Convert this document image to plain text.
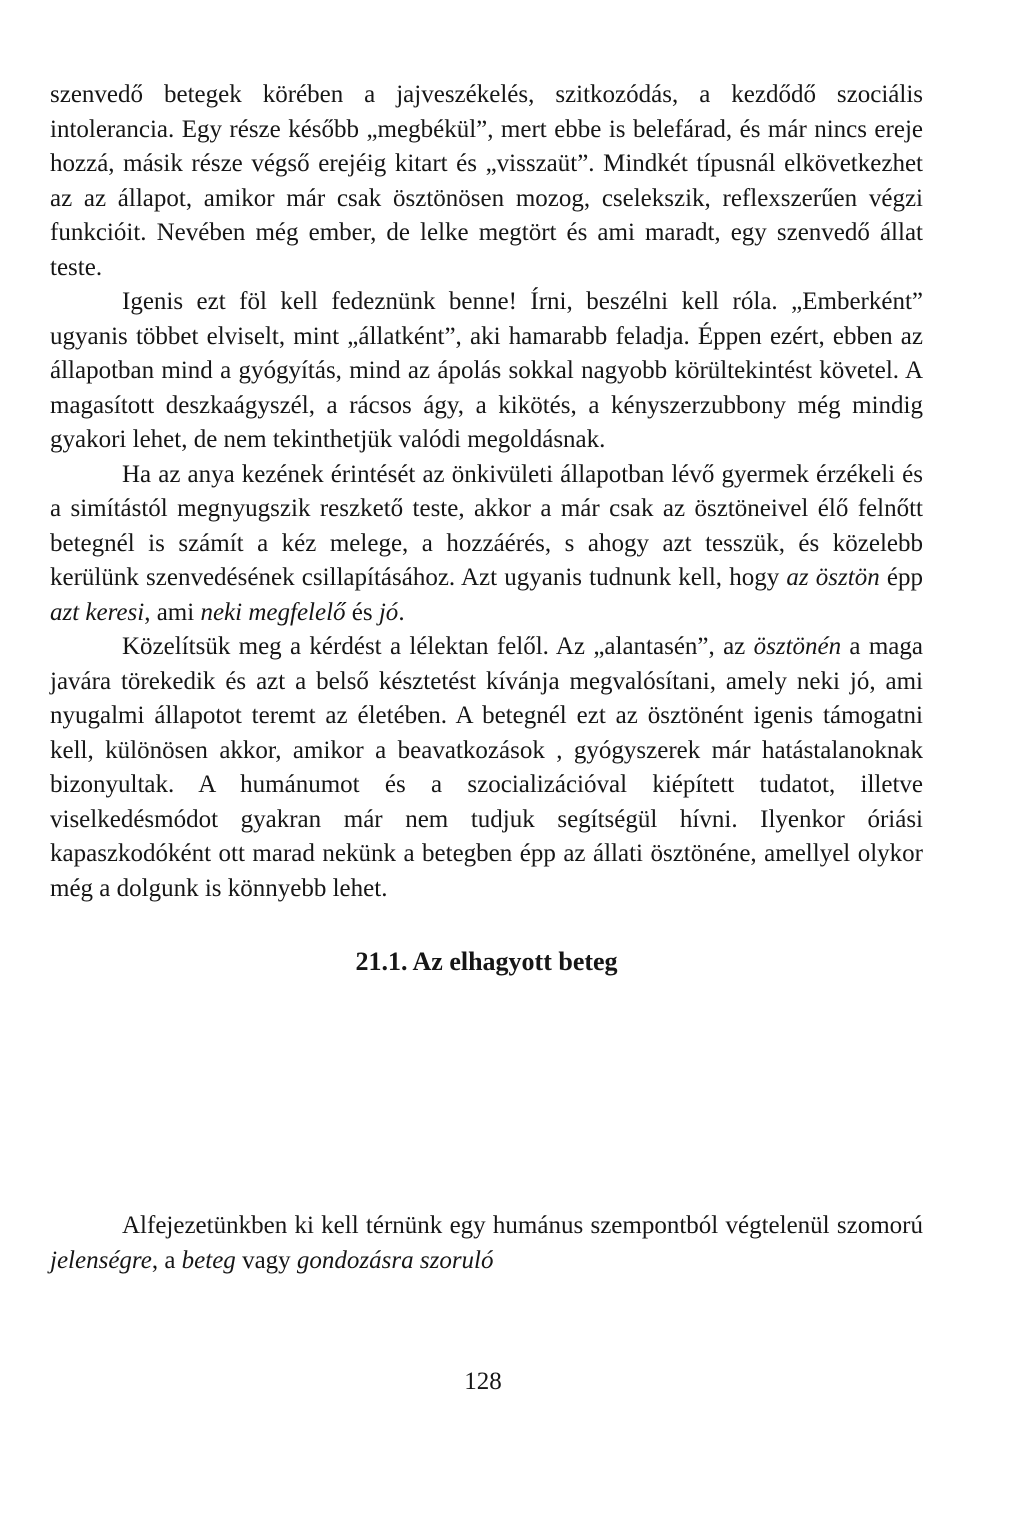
szenvedő betegek körében a jajveszékelés, szitkozódás, a kezdődő szociális intolerancia. Egy része később „megbékül”, mert ebbe is belefárad, és már nincs ereje hozzá, másik része végső erejéig kitart és „visszaüt”. Mindkét típusnál elkövetkezhet az az állapot, amikor már csak ösztönösen mozog, cselekszik, reflexszerűen végzi funkcióit. Nevében még ember, de lelke megtört és ami maradt, egy szenvedő állat teste.

Igenis ezt föl kell fedeznünk benne! Írni, beszélni kell róla. „Emberként” ugyanis többet elviselt, mint „állatként”, aki hamarabb feladja. Éppen ezért, ebben az állapotban mind a gyógyítás, mind az ápolás sokkal nagyobb körültekintést követel. A magasított deszkaágyszél, a rácsos ágy, a kikötés, a kényszerzubbony még mindig gyakori lehet, de nem tekinthetjük valódi megoldásnak.

Ha az anya kezének érintését az önkivületi állapotban lévő gyermek érzékeli és a simítástól megnyugszik reszkető teste, akkor a már csak az ösztöneivel élő felnőtt betegnél is számít a kéz melege, a hozzáérés, s ahogy azt tesszük, és közelebb kerülünk szenvedésének csillapításához. Azt ugyanis tudnunk kell, hogy az ösztön épp azt keresi, ami neki megfelelő és jó.

Közelítsük meg a kérdést a lélektan felől. Az „alantasén”, az ösztönén a maga javára törekedik és azt a belső késztetést kívánja megvalósítani, amely neki jó, ami nyugalmi állapotot teremt az életében. A betegnél ezt az ösztönént igenis támogatni kell, különösen akkor, amikor a beavatkozások , gyógyszerek már hatástalanoknak bizonyultak. A humánumot és a szocializációval kiépített tudatot, illetve viselkedésmódot gyakran már nem tudjuk segítségül hívni. Ilyenkor óriási kapaszkodóként ott marad nekünk a betegben épp az állati ösztönéne, amellyel olykor még a dolgunk is könnyebb lehet.

21.1. Az elhagyott beteg

Alfejezetünkben ki kell térnünk egy humánus szempontból végtelenül szomorú jelenségre, a beteg vagy gondozásra szoruló

128
